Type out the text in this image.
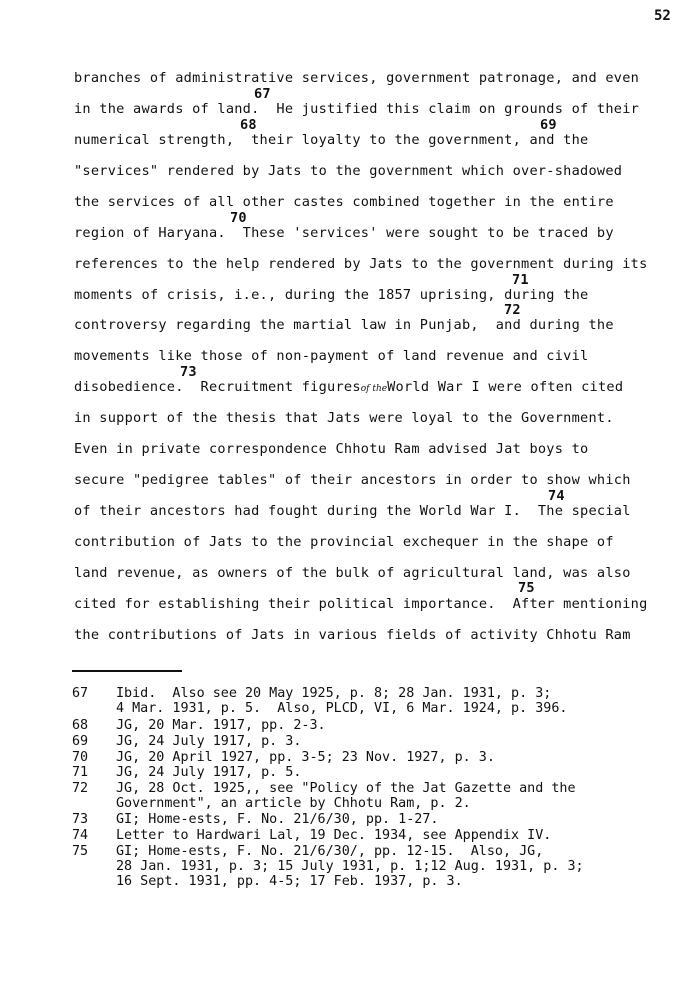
52
branches of administrative services, government patronage, and even
67
in the awards of land.  He justified this claim on grounds of their
68	69
numerical strength,  their loyalty to the government, and the
"services" rendered by Jats to the government which over-shadowed
the services of all other castes combined together in the entire
70
region of Haryana.  These 'services' were sought to be traced by
references to the help rendered by Jats to the government during its
71
moments of crisis, i.e., during the 1857 uprising, during the
72
controversy regarding the martial law in Punjab,  and during the
movements like those of non-payment of land revenue and civil
73
disobedience.  Recruitment figuresof theWorld War I were often cited
in support of the thesis that Jats were loyal to the Government.
Even in private correspondence Chhotu Ram advised Jat boys to
secure "pedigree tables" of their ancestors in order to show which
74
of their ancestors had fought during the World War I.  The special
contribution of Jats to the provincial exchequer in the shape of
75
land revenue, as owners of the bulk of agricultural land, was also
cited for establishing their political importance.  After mentioning
the contributions of Jats in various fields of activity Chhotu Ram
67	Ibid.  Also see 20 May 1925, p. 8; 28 Jan. 1931, p. 3;
4 Mar. 1931, p. 5.  Also, PLCD, VI, 6 Mar. 1924, p. 396.
68	JG, 20 Mar. 1917, pp. 2-3.
69	JG, 24 July 1917, p. 3.
70	JG, 20 April 1927, pp. 3-5; 23 Nov. 1927, p. 3.
71	JG, 24 July 1917, p. 5.
72	JG, 28 Oct. 1925,, see "Policy of the Jat Gazette and the
Government", an article by Chhotu Ram, p. 2.
73	GI; Home-ests, F. No. 21/6/30, pp. 1-27.
74	Letter to Hardwari Lal, 19 Dec. 1934, see Appendix IV.
75	GI; Home-ests, F. No. 21/6/30/, pp. 12-15.  Also, JG,
28 Jan. 1931, p. 3; 15 July 1931, p. 1;12 Aug. 1931, p. 3;
16 Sept. 1931, pp. 4-5; 17 Feb. 1937, p. 3.
